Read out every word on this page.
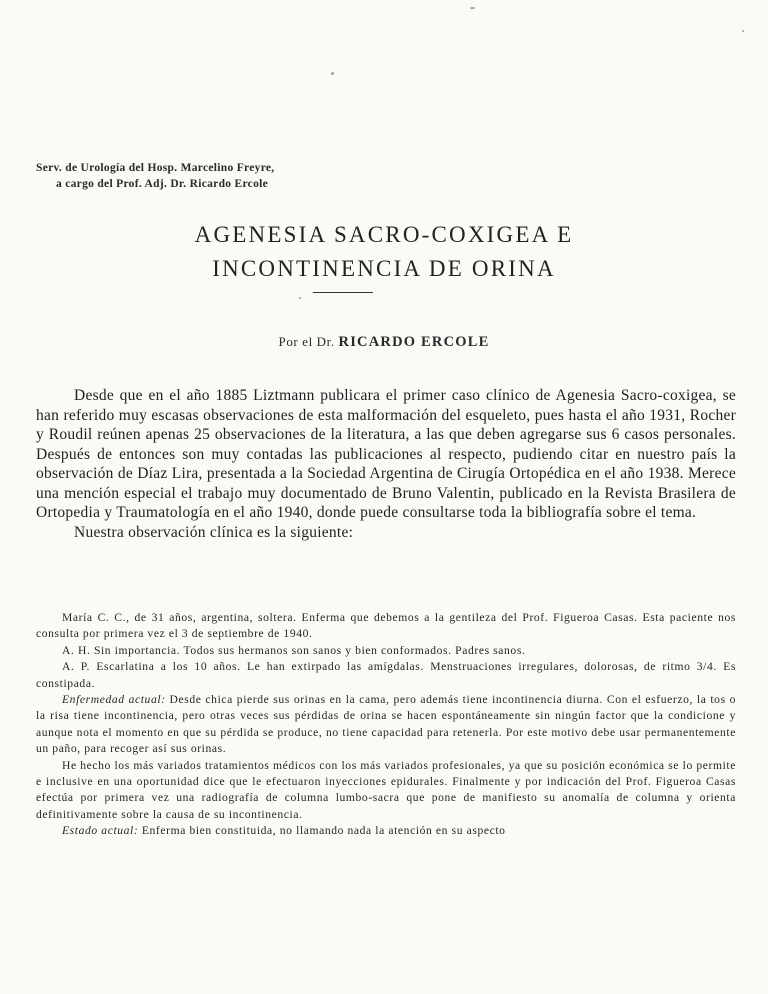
Serv. de Urología del Hosp. Marcelino Freyre,
a cargo del Prof. Adj. Dr. Ricardo Ercole
AGENESIA SACRO-COXIGEA E
INCONTINENCIA DE ORINA
Por el Dr. RICARDO ERCOLE

Desde que en el año 1885 Liztmann publicara el primer caso clínico de Agenesia Sacro-coxigea, se han referido muy escasas observaciones de esta malformación del esqueleto, pues hasta el año 1931, Rocher y Roudil reúnen apenas 25 observaciones de la literatura, a las que deben agregarse sus 6 casos personales. Después de entonces son muy contadas las publicaciones al respecto, pudiendo citar en nuestro país la observación de Díaz Lira, presentada a la Sociedad Argentina de Cirugía Ortopédica en el año 1938. Merece una mención especial el trabajo muy documentado de Bruno Valentin, publicado en la Revista Brasilera de Ortopedia y Traumatología en el año 1940, donde puede consultarse toda la bibliografía sobre el tema.

Nuestra observación clínica es la siguiente:

María C. C., de 31 años, argentina, soltera. Enferma que debemos a la gentileza del Prof. Figueroa Casas. Esta paciente nos consulta por primera vez el 3 de septiembre de 1940.

A. H. Sin importancia. Todos sus hermanos son sanos y bien conformados. Padres sanos.

A. P. Escarlatina a los 10 años. Le han extirpado las amígdalas. Menstruaciones irregulares, dolorosas, de ritmo 3/4. Es constipada.

Enfermedad actual: Desde chica pierde sus orinas en la cama, pero además tiene incontinencia diurna. Con el esfuerzo, la tos o la risa tiene incontinencia, pero otras veces sus pérdidas de orina se hacen espontáneamente sin ningún factor que la condicione y aunque nota el momento en que su pérdida se produce, no tiene capacidad para retenerla. Por este motivo debe usar permanentemente un paño, para recoger así sus orinas.

He hecho los más variados tratamientos médicos con los más variados profesionales, ya que su posición económica se lo permite e inclusive en una oportunidad dice que le efectuaron inyecciones epidurales. Finalmente y por indicación del Prof. Figueroa Casas efectúa por primera vez una radiografía de columna lumbo-sacra que pone de manifiesto su anomalía de columna y orienta definitivamente sobre la causa de su incontinencia.

Estado actual: Enferma bien constituida, no llamando nada la atención en su aspecto
